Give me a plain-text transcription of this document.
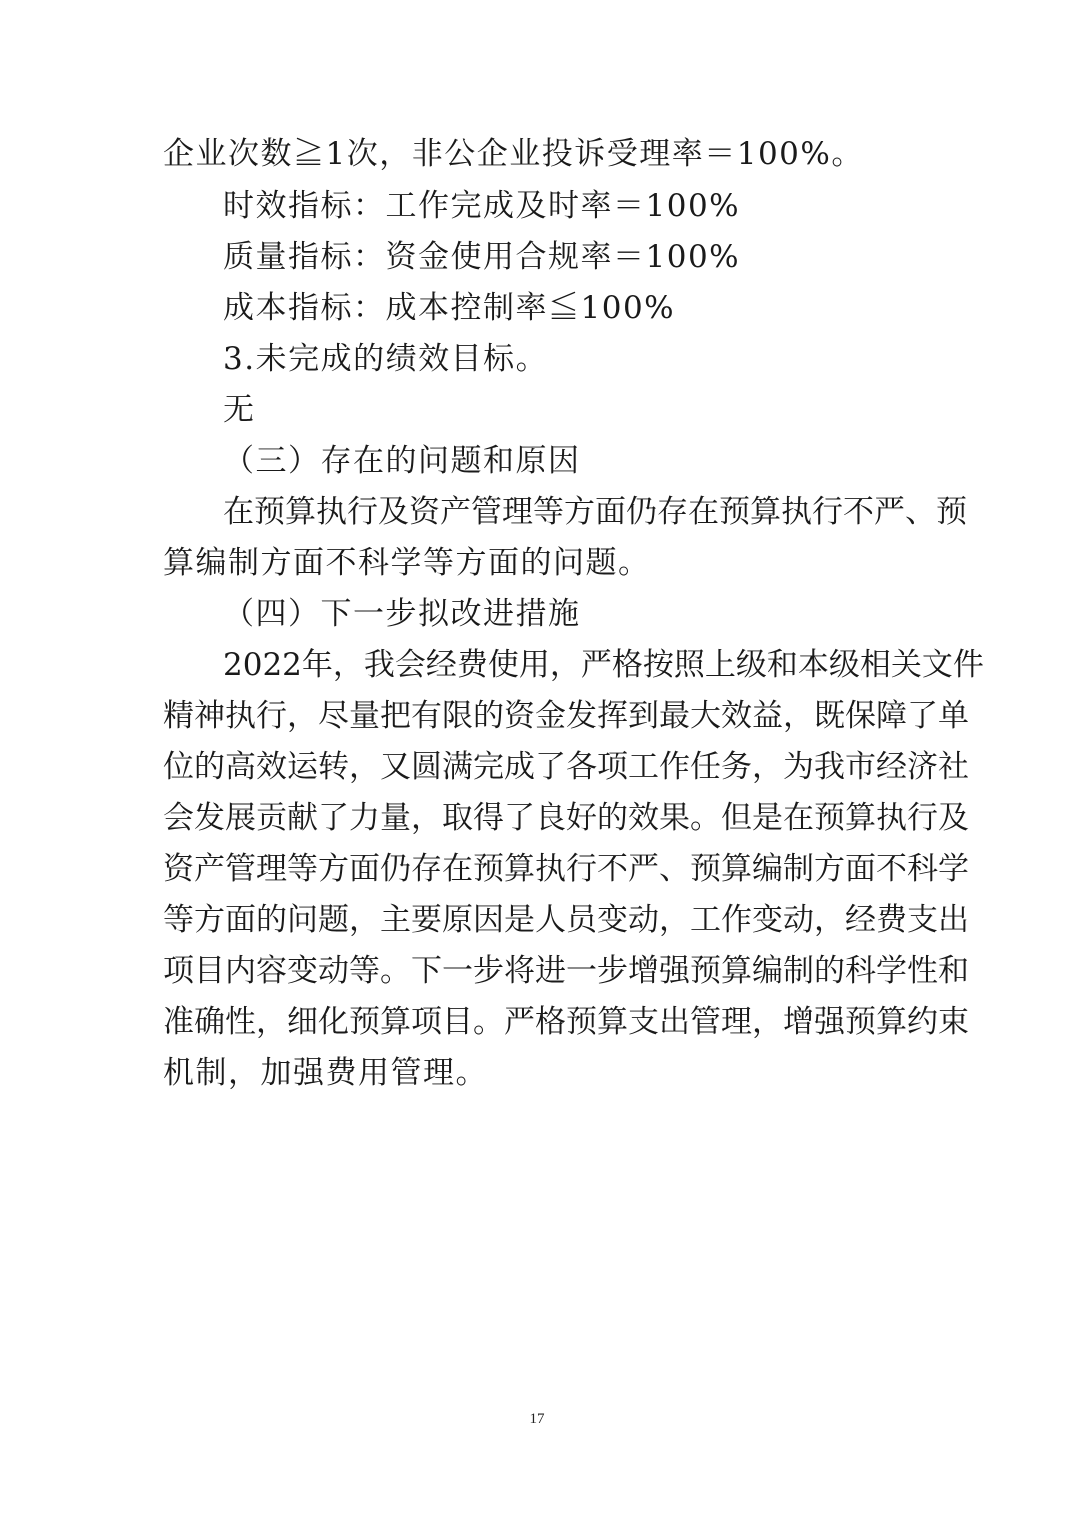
企业次数≧1次，非公企业投诉受理率＝100%。
时效指标：工作完成及时率＝100%
质量指标：资金使用合规率＝100%
成本指标：成本控制率≦100%
3.未完成的绩效目标。
无
（三）存在的问题和原因
在预算执行及资产管理等方面仍存在预算执行不严、预
算编制方面不科学等方面的问题。
（四）下一步拟改进措施
2022年，我会经费使用，严格按照上级和本级相关文件
精神执行，尽量把有限的资金发挥到最大效益，既保障了单
位的高效运转，又圆满完成了各项工作任务，为我市经济社
会发展贡献了力量，取得了良好的效果。但是在预算执行及
资产管理等方面仍存在预算执行不严、预算编制方面不科学
等方面的问题，主要原因是人员变动，工作变动，经费支出
项目内容变动等。下一步将进一步增强预算编制的科学性和
准确性，细化预算项目。严格预算支出管理，增强预算约束
机制，加强费用管理。
17
